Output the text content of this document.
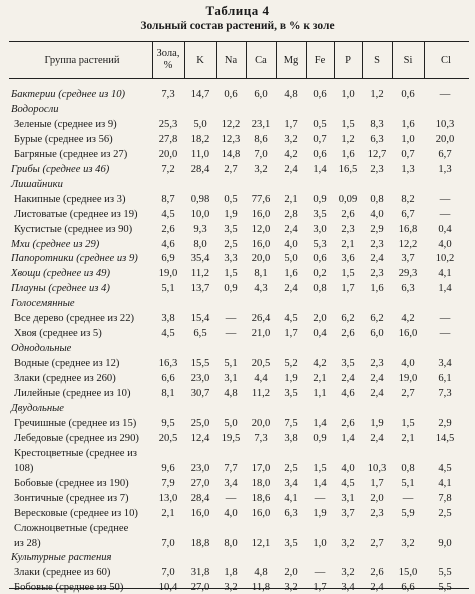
Таблица 4
Зольный состав растений, в % к золе
Группа растений
Зола, %	K	Na	Ca	Mg	Fe	P	S	Si	Cl
Бактерии (среднее из 10)	7,3	14,7	0,6	6,0	4,8	0,6	1,0	1,2	0,6	—
Водоросли
Зеленые (среднее из 9)	25,3	5,0	12,2	23,1	1,7	0,5	1,5	8,3	1,6	10,3
Бурые (среднее из 56)	27,8	18,2	12,3	8,6	3,2	0,7	1,2	6,3	1,0	20,0
Багряные (среднее из 27)	20,0	11,0	14,8	7,0	4,2	0,6	1,6	12,7	0,7	6,7
Грибы (среднее из 46)	7,2	28,4	2,7	3,2	2,4	1,4	16,5	2,3	1,3	1,3
Лишайники
Накипные (среднее из 3)	8,7	0,98	0,5	77,6	2,1	0,9	0,09	0,8	8,2	—
Листоватые (среднее из 19)	4,5	10,0	1,9	16,0	2,8	3,5	2,6	4,0	6,7	—
Кустистые (среднее из 90)	2,6	9,3	3,5	12,0	2,4	3,0	2,3	2,9	16,8	0,4
Мхи (среднее из 29)	4,6	8,0	2,5	16,0	4,0	5,3	2,1	2,3	12,2	4,0
Папоротники (среднее из 9)	6,9	35,4	3,3	20,0	5,0	0,6	3,6	2,4	3,7	10,2
Хвощи (среднее из 49)	19,0	11,2	1,5	8,1	1,6	0,2	1,5	2,3	29,3	4,1
Плауны (среднее из 4)	5,1	13,7	0,9	4,3	2,4	0,8	1,7	1,6	6,3	1,4
Голосемянные
Все дерево (среднее из 22)	3,8	15,4	—	26,4	4,5	2,0	6,2	6,2	4,2	—
Хвоя (среднее из 5)	4,5	6,5	—	21,0	1,7	0,4	2,6	6,0	16,0	—
Однодольные
Водные (среднее из 12)	16,3	15,5	5,1	20,5	5,2	4,2	3,5	2,3	4,0	3,4
Злаки (среднее из 260)	6,6	23,0	3,1	4,4	1,9	2,1	2,4	2,4	19,0	6,1
Лилейные (среднее из 10)	8,1	30,7	4,8	11,2	3,5	1,1	4,6	2,4	2,7	7,3
Двудольные
Гречишные (среднее из 15)	9,5	25,0	5,0	20,0	7,5	1,4	2,6	1,9	1,5	2,9
Лебедовые (среднее из 290)	20,5	12,4	19,5	7,3	3,8	0,9	1,4	2,4	2,1	14,5
Крестоцветные (среднее из
108)	9,6	23,0	7,7	17,0	2,5	1,5	4,0	10,3	0,8	4,5
Бобовые (среднее из 190)	7,9	27,0	3,4	18,0	3,4	1,4	4,5	1,7	5,1	4,1
Зонтичные (среднее из 7)	13,0	28,4	—	18,6	4,1	—	3,1	2,0	—	7,8
Вересковые (среднее из 10)	2,1	16,0	4,0	16,0	6,3	1,9	3,7	2,3	5,9	2,5
Сложноцветные (среднее
из 28)	7,0	18,8	8,0	12,1	3,5	1,0	3,2	2,7	3,2	9,0
Культурные растения
Злаки (среднее из 60)	7,0	31,8	1,8	4,8	2,0	—	3,2	2,6	15,0	5,5
Бобовые (среднее из 50)	10,4	27,0	3,2	11,8	3,2	1,7	3,4	2,4	6,6	5,5
